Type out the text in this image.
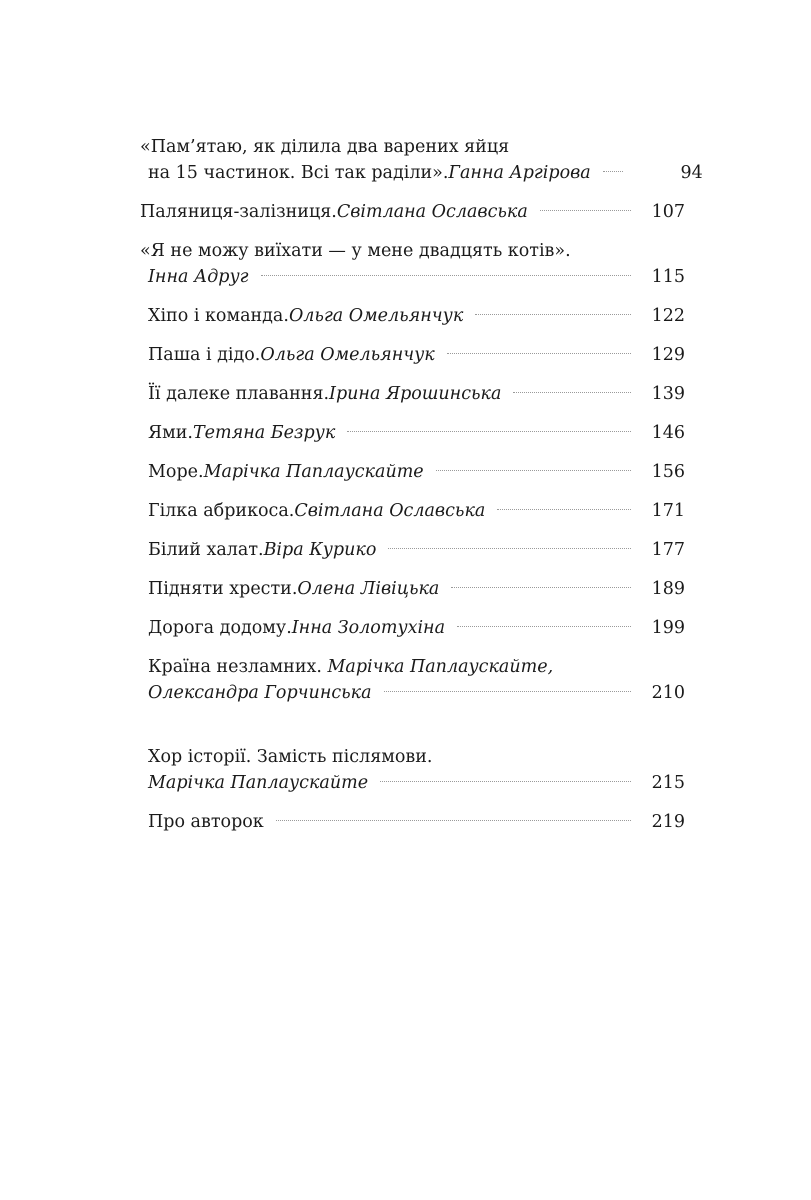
«Пам’ятаю, як ділила два варених яйця
на 15 частинок. Всі так раділи». Ганна Аргірова	94
Паляниця-залізниця. Світлана Ославська	107
«Я не можу виїхати — у мене двадцять котів».
Інна Адруг	115
Хіпо і команда. Ольга Омельянчук	122
Паша і дідо. Ольга Омельянчук	129
Її далеке плавання. Ірина Ярошинська	139
Ями. Тетяна Безрук	146
Море. Марічка Паплаускайте	156
Гілка абрикоса. Світлана Ославська	171
Білий халат. Віра Курико	177
Підняти хрести. Олена Лівіцька	189
Дорога додому. Інна Золотухіна	199
Країна незламних. Марічка Паплаускайте,
Олександра Горчинська	210
Хор історії. Замість післямови.
Марічка Паплаускайте	215
Про авторок	219
